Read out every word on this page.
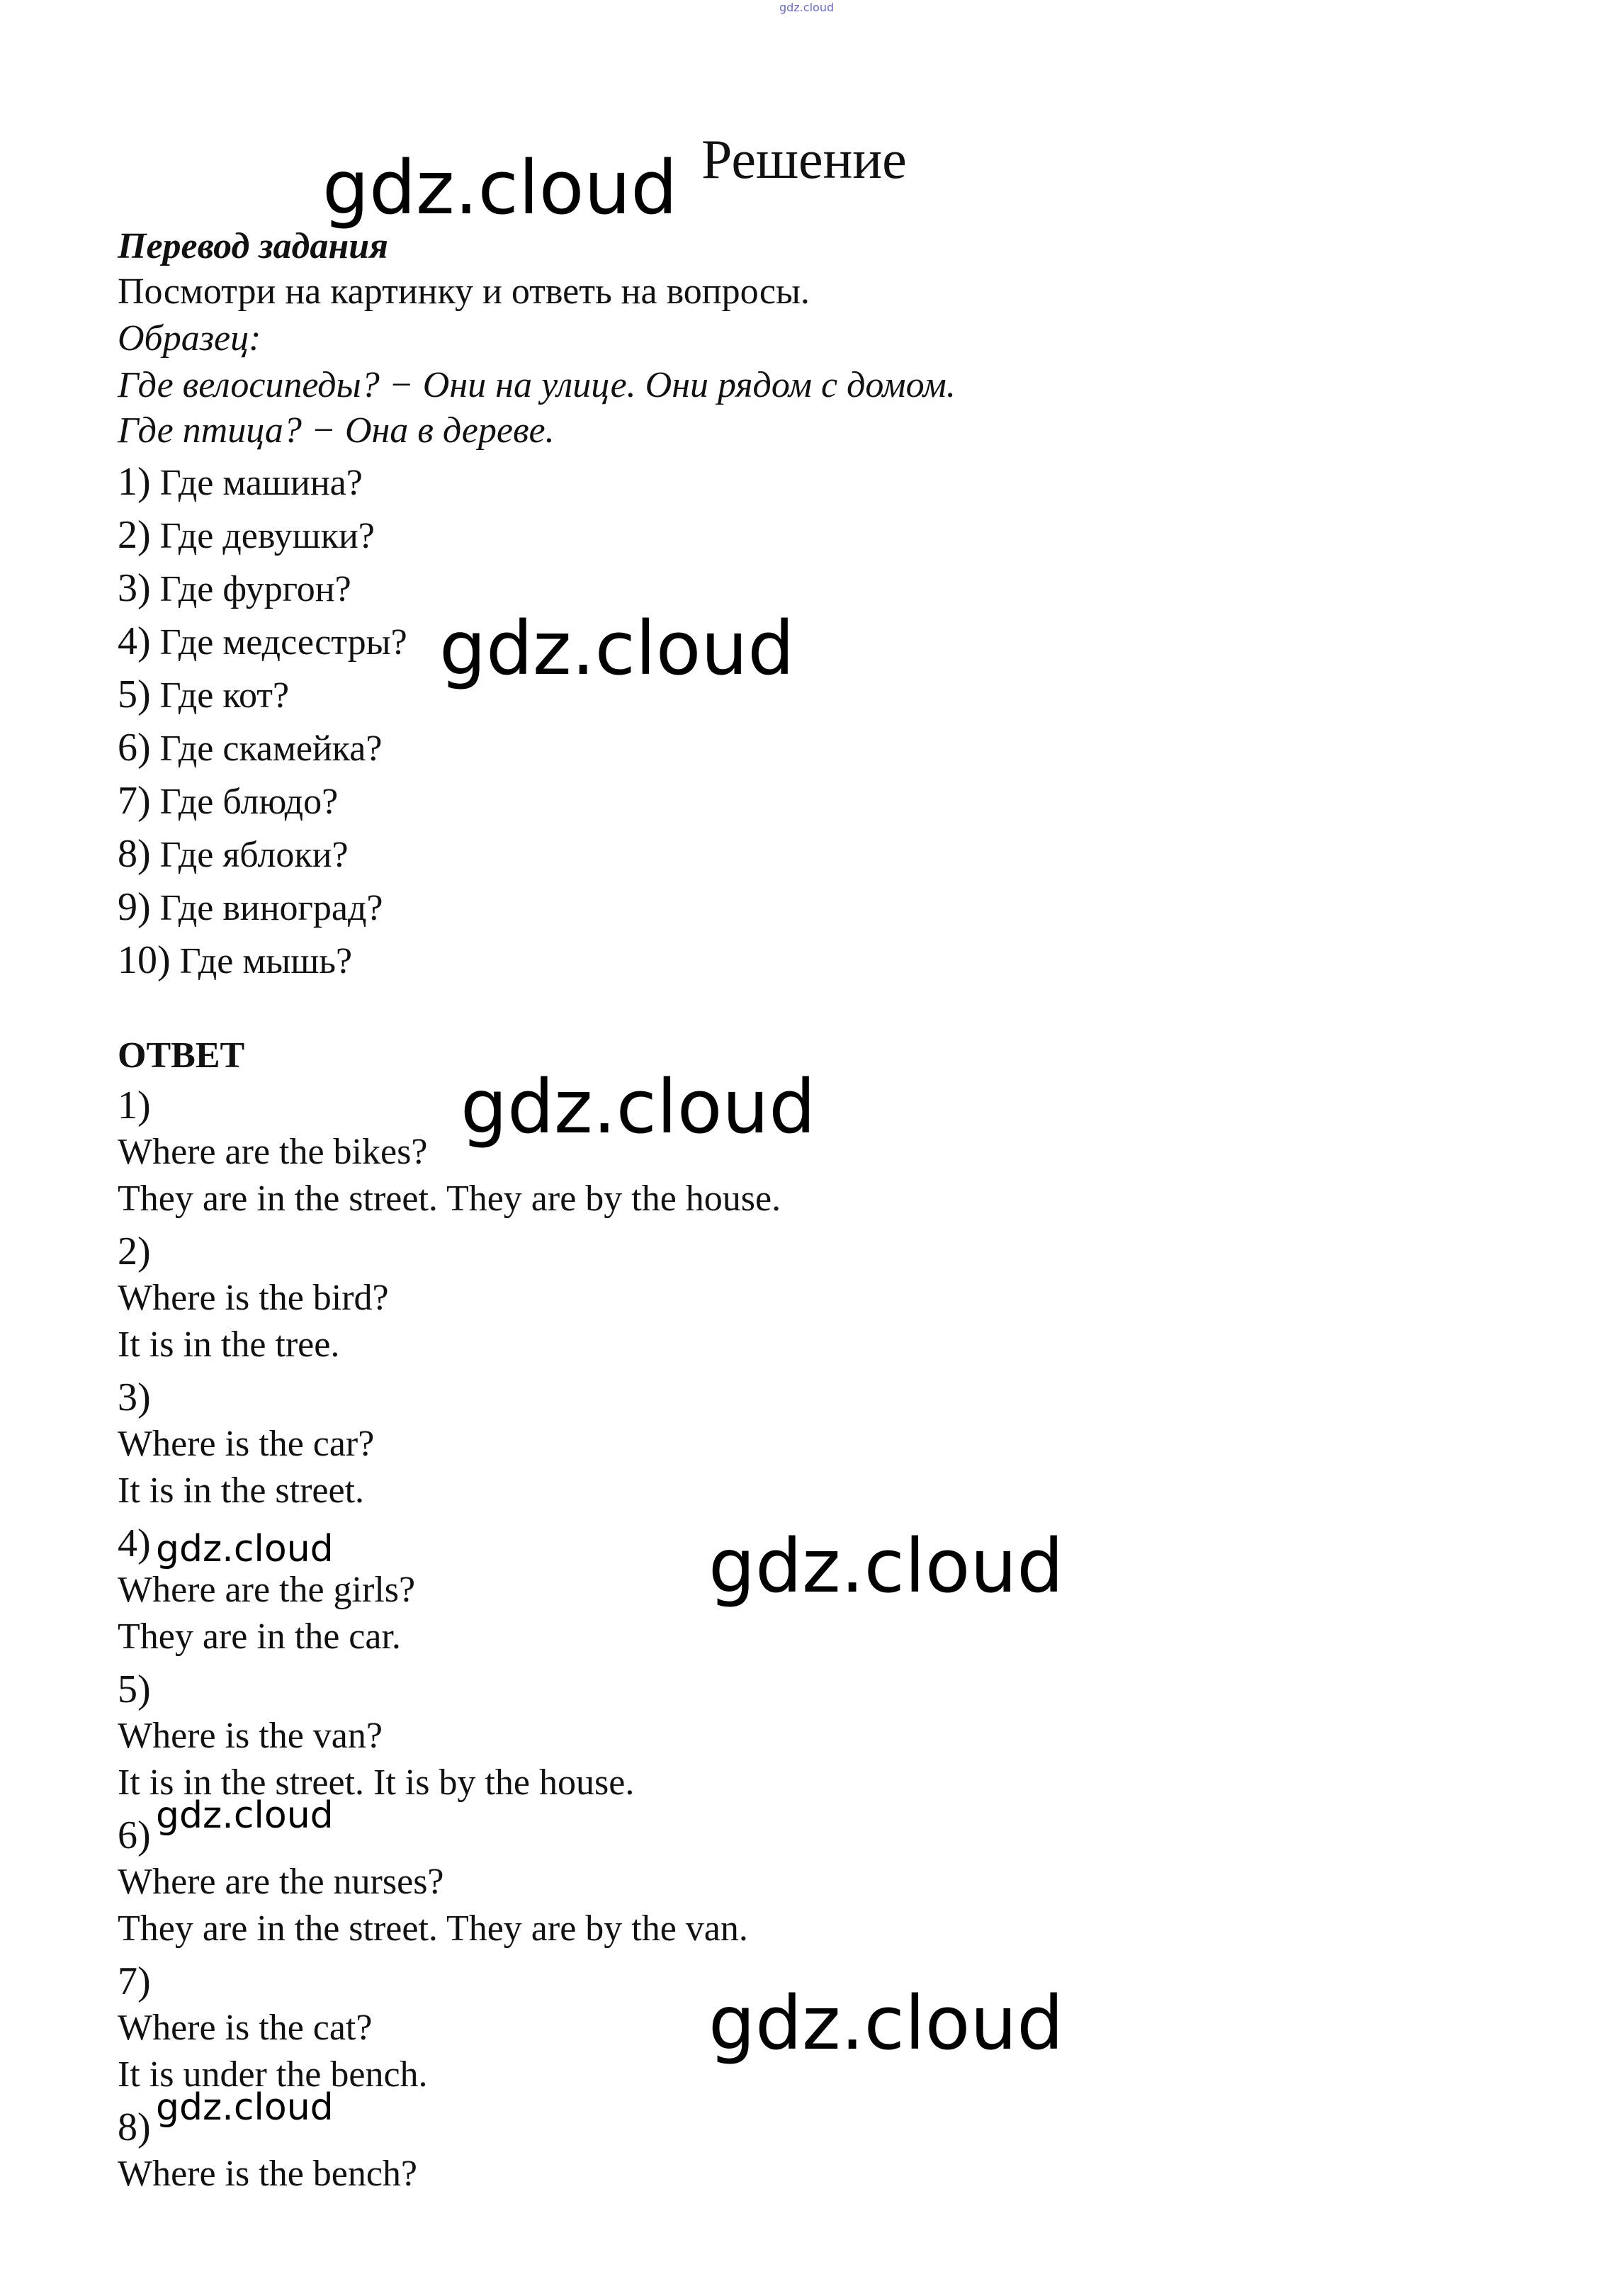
gdz.cloud
Решение
gdz.cloud
Перевод задания
Посмотри на картинку и ответь на вопросы.
Образец:
Где велосипеды? − Они на улице. Они рядом с домом.
Где птица? − Она в дереве.
1) Где машина?
2) Где девушки?
3) Где фургон?
4) Где медсестры?
5) Где кот?
6) Где скамейка?
7) Где блюдо?
8) Где яблоки?
9) Где виноград?
10) Где мышь?
gdz.cloud
ОТВЕТ
1)
Where are the bikes?
They are in the street. They are by the house.
gdz.cloud
2)
Where is the bird?
It is in the tree.
3)
Where is the car?
It is in the street.
4) gdz.cloud
Where are the girls?
They are in the car.
gdz.cloud
5)
Where is the van?
It is in the street. It is by the house.
6) gdz.cloud
Where are the nurses?
They are in the street. They are by the van.
7)
Where is the cat?
It is under the bench.
gdz.cloud
8) gdz.cloud
Where is the bench?
